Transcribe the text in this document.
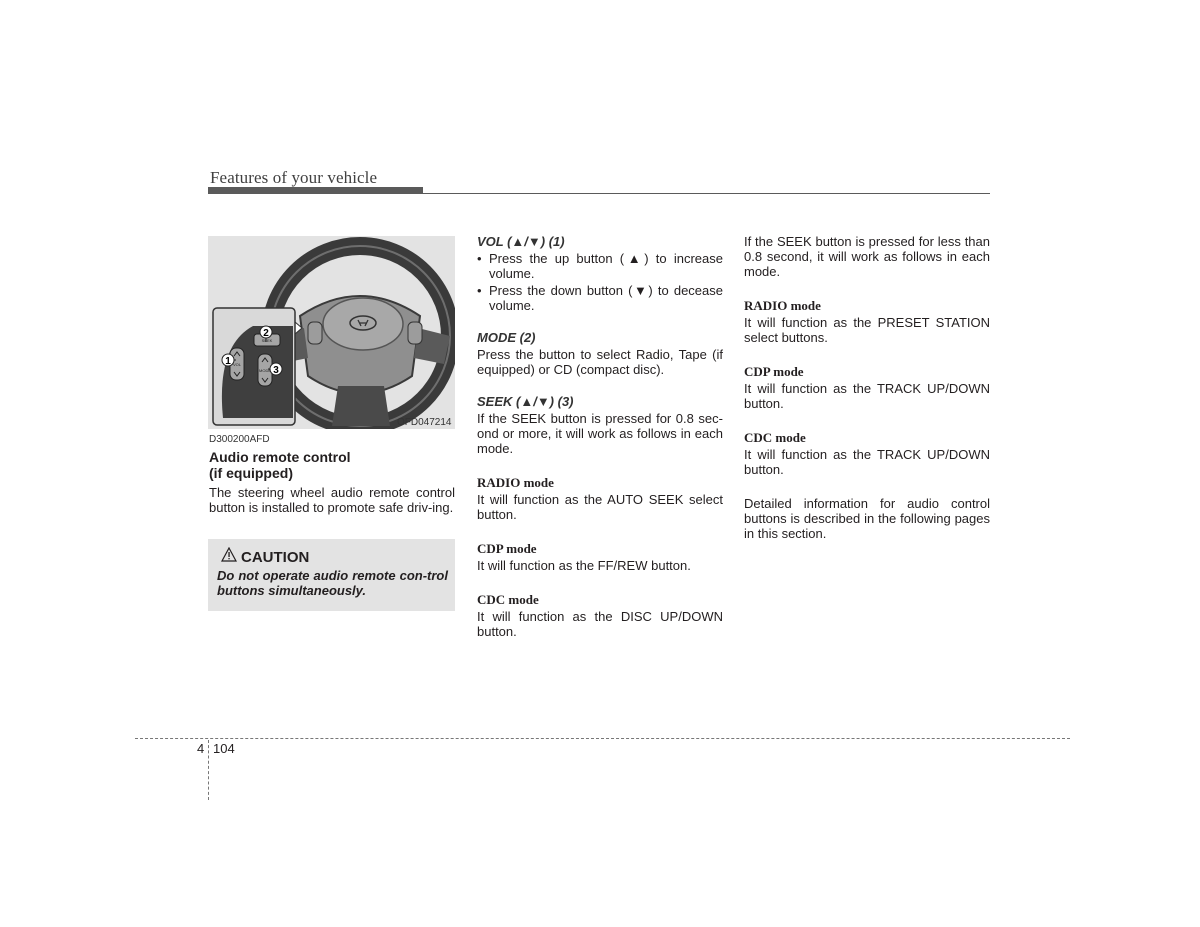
Features of your vehicle
1
2
3
VOL
SEEK
MODE
OFD047214
D300200AFD
Audio remote control
(if equipped)
The steering wheel audio remote control button is installed to promote safe driv-ing.
CAUTION
Do not operate audio remote con-trol buttons simultaneously.

VOL (▲/▼) (1)

• Press the up button (▲) to increase volume.
• Press the down button (▼) to decease volume.

MODE (2)

Press the button to select Radio, Tape (if equipped) or CD (compact disc).

SEEK (▲/▼) (3)

If the SEEK button is pressed for 0.8 sec-ond or more, it will work as follows in each mode.

RADIO mode

It will function as the AUTO SEEK select button.

CDP mode

It will function as the FF/REW button.

CDC mode

It will function as the DISC UP/DOWN button.

If the SEEK button is pressed for less than 0.8 second, it will work as follows in each mode.

RADIO mode

It will function as the PRESET STATION select buttons.

CDP mode

It will function as the TRACK UP/DOWN button.

CDC mode

It will function as the TRACK UP/DOWN button.

Detailed information for audio control buttons is described in the following pages in this section.

4 104
